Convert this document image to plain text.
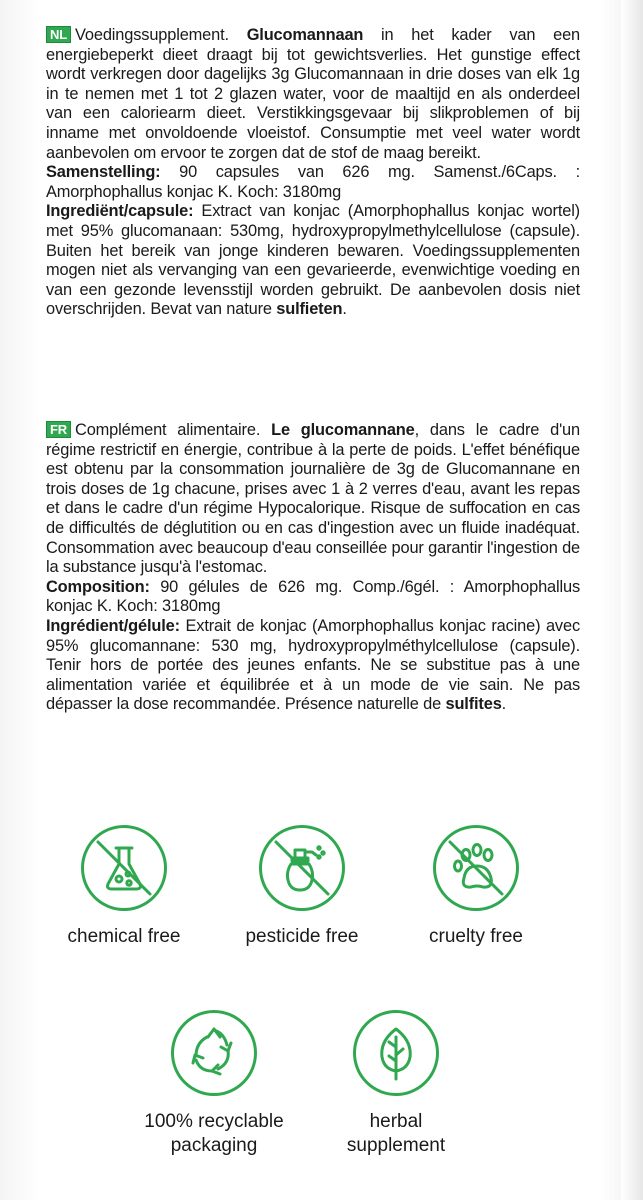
NL Voedingssupplement. Glucomannaan in het kader van een energiebeperkt dieet draagt bij tot gewichtsverlies. Het gunstige effect wordt verkregen door dagelijks 3g Glucomannaan in drie doses van elk 1g in te nemen met 1 tot 2 glazen water, voor de maaltijd en als onderdeel van een caloriearm dieet. Verstikkingsgevaar bij slikproblemen of bij inname met onvoldoende vloeistof. Consumptie met veel water wordt aanbevolen om ervoor te zorgen dat de stof de maag bereikt.

Samenstelling: 90 capsules van 626 mg. Samenst./6Caps. : Amorphophallus konjac K. Koch: 3180mg

Ingrediënt/capsule: Extract van konjac (Amorphophallus konjac wortel) met 95% glucomanaan: 530mg, hydroxypropylmethylcellulose (capsule). Buiten het bereik van jonge kinderen bewaren. Voedingssupplementen mogen niet als vervanging van een gevarieerde, evenwichtige voeding en van een gezonde levensstijl worden gebruikt. De aanbevolen dosis niet overschrijden. Bevat van nature sulfieten.

FR Complément alimentaire. Le glucomannane, dans le cadre d'un régime restrictif en énergie, contribue à la perte de poids. L'effet bénéfique est obtenu par la consommation journalière de 3g de Glucomannane en trois doses de 1g chacune, prises avec 1 à 2 verres d'eau, avant les repas et dans le cadre d'un régime Hypocalorique. Risque de suffocation en cas de difficultés de déglutition ou en cas d'ingestion avec un fluide inadéquat. Consommation avec beaucoup d'eau conseillée pour garantir l'ingestion de la substance jusqu'à l'estomac.

Composition: 90 gélules de 626 mg. Comp./6gél. : Amorphophallus konjac K. Koch: 3180mg

Ingrédient/gélule: Extrait de konjac (Amorphophallus konjac racine) avec 95% glucomannane: 530 mg, hydroxypropylméthylcellulose (capsule). Tenir hors de portée des jeunes enfants. Ne se substitue pas à une alimentation variée et équilibrée et à un mode de vie sain. Ne pas dépasser la dose recommandée. Présence naturelle de sulfites.

chemical free	pesticide free	cruelty free
100% recyclable
packaging
herbal
supplement
